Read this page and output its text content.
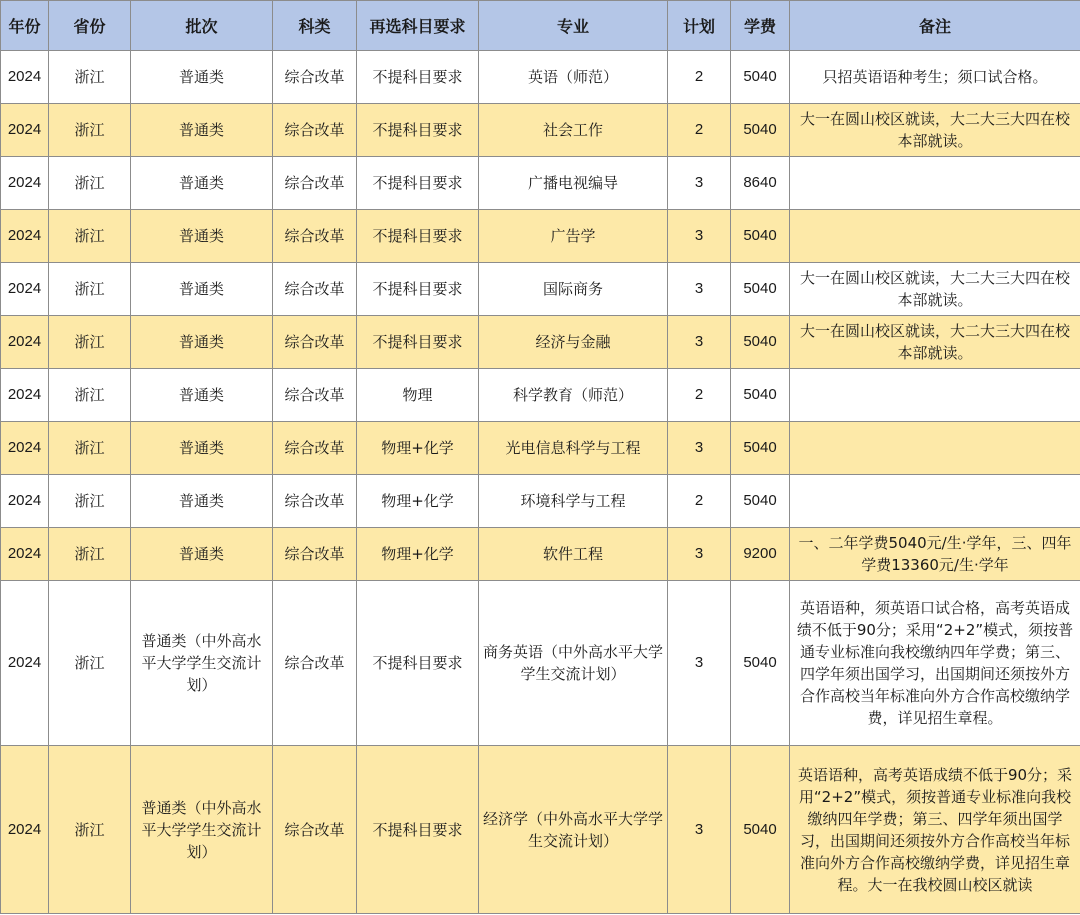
年份	省份	批次	科类	再选科目要求	专业	计划	学费	备注
2024	浙江	普通类	综合改革	不提科目要求	英语（师范）	2	5040	只招英语语种考生；须口试合格。
2024	浙江	普通类	综合改革	不提科目要求	社会工作	2	5040	大一在圆山校区就读，大二大三大四在校本部就读。
2024	浙江	普通类	综合改革	不提科目要求	广播电视编导	3	8640	
2024	浙江	普通类	综合改革	不提科目要求	广告学	3	5040	
2024	浙江	普通类	综合改革	不提科目要求	国际商务	3	5040	大一在圆山校区就读，大二大三大四在校本部就读。
2024	浙江	普通类	综合改革	不提科目要求	经济与金融	3	5040	大一在圆山校区就读，大二大三大四在校本部就读。
2024	浙江	普通类	综合改革	物理	科学教育（师范）	2	5040	
2024	浙江	普通类	综合改革	物理+化学	光电信息科学与工程	3	5040	
2024	浙江	普通类	综合改革	物理+化学	环境科学与工程	2	5040	
2024	浙江	普通类	综合改革	物理+化学	软件工程	3	9200	一、二年学费5040元/生·学年，三、四年学费13360元/生·学年
2024	浙江	普通类（中外高水平大学学生交流计划）	综合改革	不提科目要求	商务英语（中外高水平大学学生交流计划）	3	5040	英语语种，须英语口试合格，高考英语成绩不低于90分；采用“2+2”模式，须按普通专业标准向我校缴纳四年学费；第三、四学年须出国学习，出国期间还须按外方合作高校当年标准向外方合作高校缴纳学费，详见招生章程。
2024	浙江	普通类（中外高水平大学学生交流计划）	综合改革	不提科目要求	经济学（中外高水平大学学生交流计划）	3	5040	英语语种，高考英语成绩不低于90分；采用“2+2”模式，须按普通专业标准向我校缴纳四年学费；第三、四学年须出国学习，出国期间还须按外方合作高校当年标准向外方合作高校缴纳学费，详见招生章程。大一在我校圆山校区就读
